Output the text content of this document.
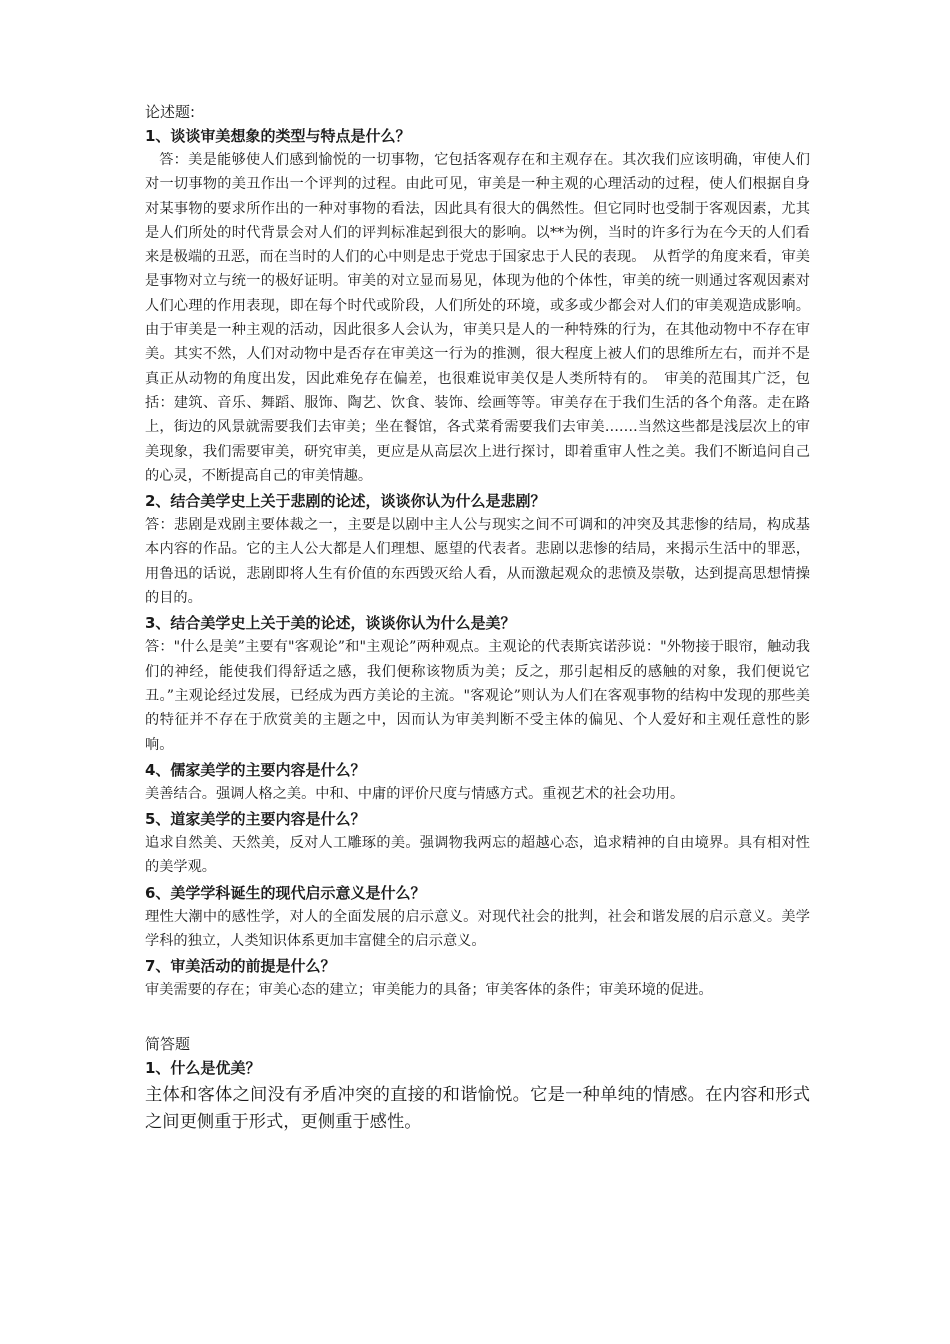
论述题:

1、谈谈审美想象的类型与特点是什么？

答：美是能够使人们感到愉悦的一切事物，它包括客观存在和主观存在。其次我们应该明确，审使人们对一切事物的美丑作出一个评判的过程。由此可见，审美是一种主观的心理活动的过程，使人们根据自身对某事物的要求所作出的一种对事物的看法，因此具有很大的偶然性。但它同时也受制于客观因素，尤其是人们所处的时代背景会对人们的评判标准起到很大的影响。以**为例，当时的许多行为在今天的人们看来是极端的丑恶，而在当时的人们的心中则是忠于党忠于国家忠于人民的表现。　从哲学的角度来看，审美是事物对立与统一的极好证明。审美的对立显而易见，体现为他的个体性，审美的统一则通过客观因素对人们心理的作用表现，即在每个时代或阶段，人们所处的环境，或多或少都会对人们的审美观造成影响。由于审美是一种主观的活动，因此很多人会认为，审美只是人的一种特殊的行为，在其他动物中不存在审美。其实不然，人们对动物中是否存在审美这一行为的推测，很大程度上被人们的思维所左右，而并不是真正从动物的角度出发，因此难免存在偏差，也很难说审美仅是人类所特有的。　审美的范围其广泛，包括：建筑、音乐、舞蹈、服饰、陶艺、饮食、装饰、绘画等等。审美存在于我们生活的各个角落。走在路上，街边的风景就需要我们去审美；坐在餐馆，各式菜肴需要我们去审美…….当然这些都是浅层次上的审美现象，我们需要审美，研究审美，更应是从高层次上进行探讨，即着重审人性之美。我们不断追问自己的心灵，不断提高自己的审美情趣。

2、结合美学史上关于悲剧的论述，谈谈你认为什么是悲剧？

答：悲剧是戏剧主要体裁之一，主要是以剧中主人公与现实之间不可调和的冲突及其悲惨的结局，构成基本内容的作品。它的主人公大都是人们理想、愿望的代表者。悲剧以悲惨的结局，来揭示生活中的罪恶，用鲁迅的话说，悲剧即将人生有价值的东西毁灭给人看，从而激起观众的悲愤及崇敬，达到提高思想情操的目的。

3、结合美学史上关于美的论述，谈谈你认为什么是美？

答："什么是美”主要有"客观论”和"主观论”两种观点。主观论的代表斯宾诺莎说："外物接于眼帘，触动我们的神经，能使我们得舒适之感，我们便称该物质为美；反之，那引起相反的感触的对象，我们便说它丑。”主观论经过发展，已经成为西方美论的主流。"客观论”则认为人们在客观事物的结构中发现的那些美的特征并不存在于欣赏美的主题之中，因而认为审美判断不受主体的偏见、个人爱好和主观任意性的影响。

4、儒家美学的主要内容是什么？

美善结合。强调人格之美。中和、中庸的评价尺度与情感方式。重视艺术的社会功用。

5、道家美学的主要内容是什么？

追求自然美、天然美，反对人工雕琢的美。强调物我两忘的超越心态，追求精神的自由境界。具有相对性的美学观。

6、美学学科诞生的现代启示意义是什么？

理性大潮中的感性学，对人的全面发展的启示意义。对现代社会的批判，社会和谐发展的启示意义。美学学科的独立，人类知识体系更加丰富健全的启示意义。

7、审美活动的前提是什么？

审美需要的存在；审美心态的建立；审美能力的具备；审美客体的条件；审美环境的促进。

简答题

1、什么是优美？

主体和客体之间没有矛盾冲突的直接的和谐愉悦。它是一种单纯的情感。在内容和形式之间更侧重于形式，更侧重于感性。
